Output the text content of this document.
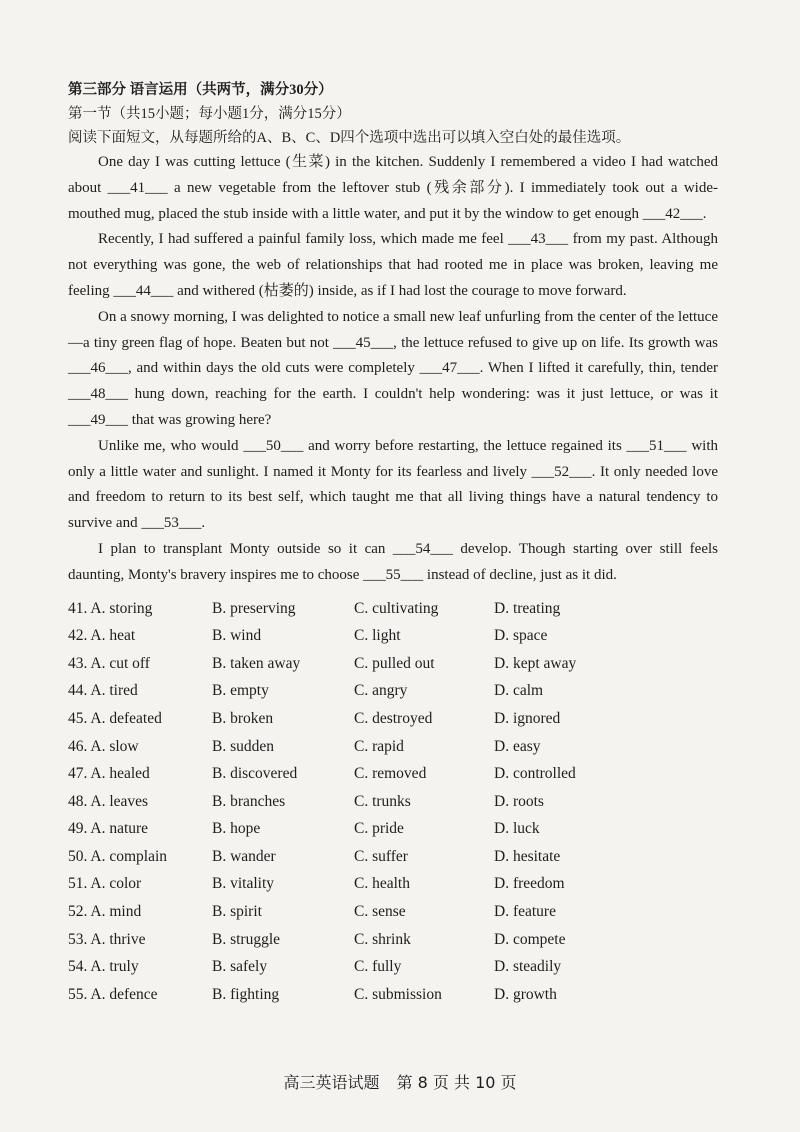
第三部分 语言运用（共两节，满分30分）

第一节（共15小题；每小题1分，满分15分）

阅读下面短文，从每题所给的A、B、C、D四个选项中选出可以填入空白处的最佳选项。

One day I was cutting lettuce (生菜) in the kitchen. Suddenly I remembered a video I had watched about ___41___ a new vegetable from the leftover stub (残余部分). I immediately took out a wide-mouthed mug, placed the stub inside with a little water, and put it by the window to get enough ___42___.

Recently, I had suffered a painful family loss, which made me feel ___43___ from my past. Although not everything was gone, the web of relationships that had rooted me in place was broken, leaving me feeling ___44___ and withered (枯萎的) inside, as if I had lost the courage to move forward.

On a snowy morning, I was delighted to notice a small new leaf unfurling from the center of the lettuce—a tiny green flag of hope. Beaten but not ___45___, the lettuce refused to give up on life. Its growth was ___46___, and within days the old cuts were completely ___47___. When I lifted it carefully, thin, tender ___48___ hung down, reaching for the earth. I couldn't help wondering: was it just lettuce, or was it ___49___ that was growing here?

Unlike me, who would ___50___ and worry before restarting, the lettuce regained its ___51___ with only a little water and sunlight. I named it Monty for its fearless and lively ___52___. It only needed love and freedom to return to its best self, which taught me that all living things have a natural tendency to survive and ___53___.

I plan to transplant Monty outside so it can ___54___ develop. Though starting over still feels daunting, Monty's bravery inspires me to choose ___55___ instead of decline, just as it did.

41. A. storing	B. preserving	C. cultivating	D. treating
42. A. heat	B. wind	C. light	D. space
43. A. cut off	B. taken away	C. pulled out	D. kept away
44. A. tired	B. empty	C. angry	D. calm
45. A. defeated	B. broken	C. destroyed	D. ignored
46. A. slow	B. sudden	C. rapid	D. easy
47. A. healed	B. discovered	C. removed	D. controlled
48. A. leaves	B. branches	C. trunks	D. roots
49. A. nature	B. hope	C. pride	D. luck
50. A. complain	B. wander	C. suffer	D. hesitate
51. A. color	B. vitality	C. health	D. freedom
52. A. mind	B. spirit	C. sense	D. feature
53. A. thrive	B. struggle	C. shrink	D. compete
54. A. truly	B. safely	C. fully	D. steadily
55. A. defence	B. fighting	C. submission	D. growth
高三英语试题 第 8 页 共 10 页
